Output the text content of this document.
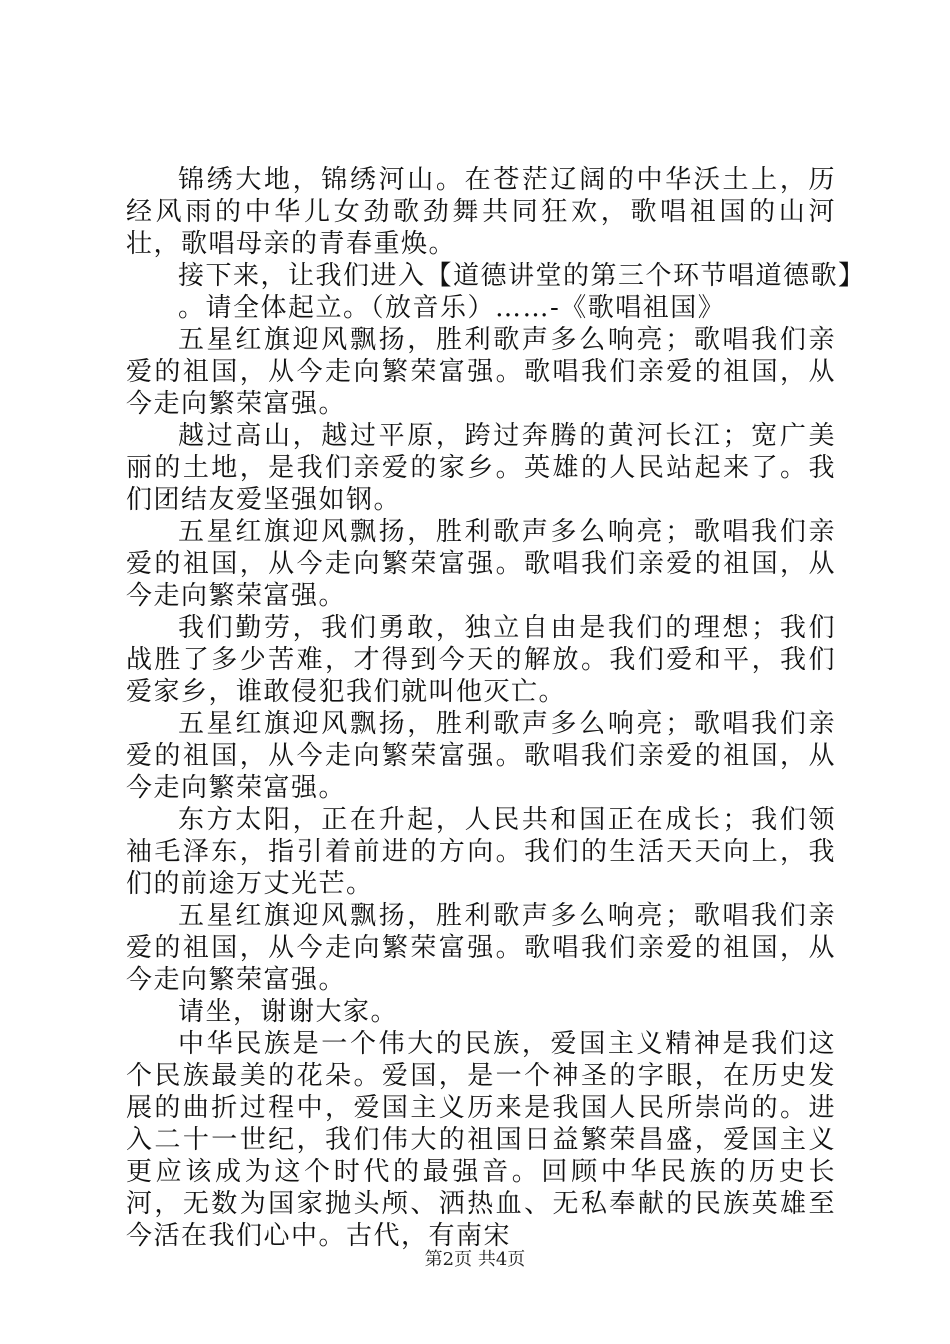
锦绣大地，锦绣河山。在苍茫辽阔的中华沃土上，历经风雨的中华儿女劲歌劲舞共同狂欢，歌唱祖国的山河壮，歌唱母亲的青春重焕。

接下来，让我们进入【道德讲堂的第三个环节唱道德歌】

。请全体起立。（放音乐）……-《歌唱祖国》

五星红旗迎风飘扬，胜利歌声多么响亮；歌唱我们亲爱的祖国，从今走向繁荣富强。歌唱我们亲爱的祖国，从今走向繁荣富强。

越过高山，越过平原，跨过奔腾的黄河长江；宽广美丽的土地，是我们亲爱的家乡。英雄的人民站起来了。我们团结友爱坚强如钢。

五星红旗迎风飘扬，胜利歌声多么响亮；歌唱我们亲爱的祖国，从今走向繁荣富强。歌唱我们亲爱的祖国，从今走向繁荣富强。

我们勤劳，我们勇敢，独立自由是我们的理想；我们战胜了多少苦难，才得到今天的解放。我们爱和平，我们爱家乡，谁敢侵犯我们就叫他灭亡。

五星红旗迎风飘扬，胜利歌声多么响亮；歌唱我们亲爱的祖国，从今走向繁荣富强。歌唱我们亲爱的祖国，从今走向繁荣富强。

东方太阳，正在升起，人民共和国正在成长；我们领袖毛泽东，指引着前进的方向。我们的生活天天向上，我们的前途万丈光芒。

五星红旗迎风飘扬，胜利歌声多么响亮；歌唱我们亲爱的祖国，从今走向繁荣富强。歌唱我们亲爱的祖国，从今走向繁荣富强。

请坐，谢谢大家。

中华民族是一个伟大的民族，爱国主义精神是我们这个民族最美的花朵。爱国，是一个神圣的字眼，在历史发展的曲折过程中，爱国主义历来是我国人民所崇尚的。进入二十一世纪，我们伟大的祖国日益繁荣昌盛，爱国主义更应该成为这个时代的最强音。回顾中华民族的历史长河，无数为国家抛头颅、洒热血、无私奉献的民族英雄至今活在我们心中。古代，有南宋

第2页 共4页
